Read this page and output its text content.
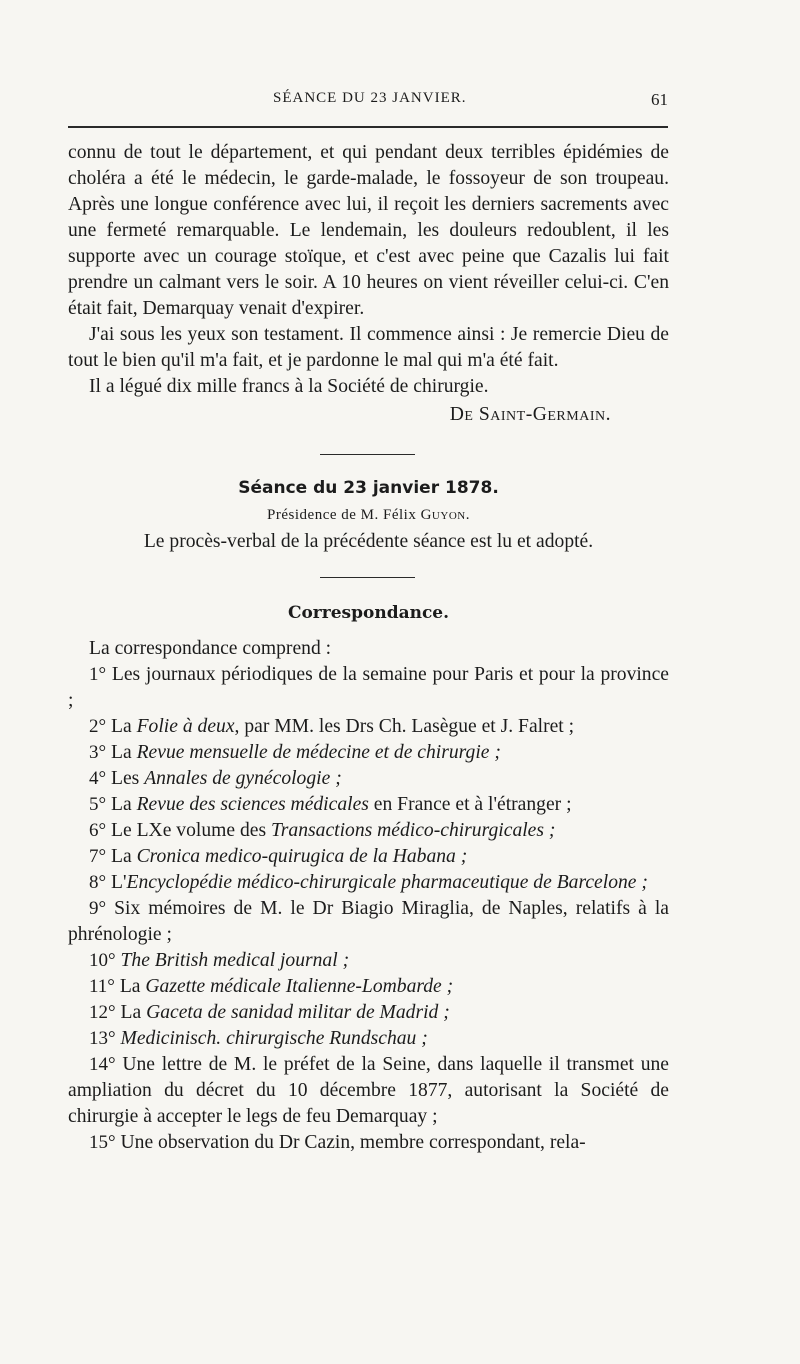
SÉANCE DU 23 JANVIER.	61

connu de tout le département, et qui pendant deux terribles épidémies de choléra a été le médecin, le garde-malade, le fossoyeur de son troupeau. Après une longue conférence avec lui, il reçoit les derniers sacrements avec une fermeté remarquable. Le lendemain, les douleurs redoublent, il les supporte avec un courage stoïque, et c'est avec peine que Cazalis lui fait prendre un calmant vers le soir. A 10 heures on vient réveiller celui-ci. C'en était fait, Demarquay venait d'expirer.

J'ai sous les yeux son testament. Il commence ainsi : Je remercie Dieu de tout le bien qu'il m'a fait, et je pardonne le mal qui m'a été fait.

Il a légué dix mille francs à la Société de chirurgie.

De Saint-Germain.

Séance du 23 janvier 1878.

Présidence de M. Félix Guyon.

Le procès-verbal de la précédente séance est lu et adopté.

Correspondance.

La correspondance comprend :

1° Les journaux périodiques de la semaine pour Paris et pour la province ;

2° La Folie à deux, par MM. les Drs Ch. Lasègue et J. Falret ;

3° La Revue mensuelle de médecine et de chirurgie ;

4° Les Annales de gynécologie ;

5° La Revue des sciences médicales en France et à l'étranger ;

6° Le LXe volume des Transactions médico-chirurgicales ;

7° La Cronica medico-quirugica de la Habana ;

8° L'Encyclopédie médico-chirurgicale pharmaceutique de Barcelone ;

9° Six mémoires de M. le Dr Biagio Miraglia, de Naples, relatifs à la phrénologie ;

10° The British medical journal ;

11° La Gazette médicale Italienne-Lombarde ;

12° La Gaceta de sanidad militar de Madrid ;

13° Medicinisch. chirurgische Rundschau ;

14° Une lettre de M. le préfet de la Seine, dans laquelle il transmet une ampliation du décret du 10 décembre 1877, autorisant la Société de chirurgie à accepter le legs de feu Demarquay ;

15° Une observation du Dr Cazin, membre correspondant, rela-
